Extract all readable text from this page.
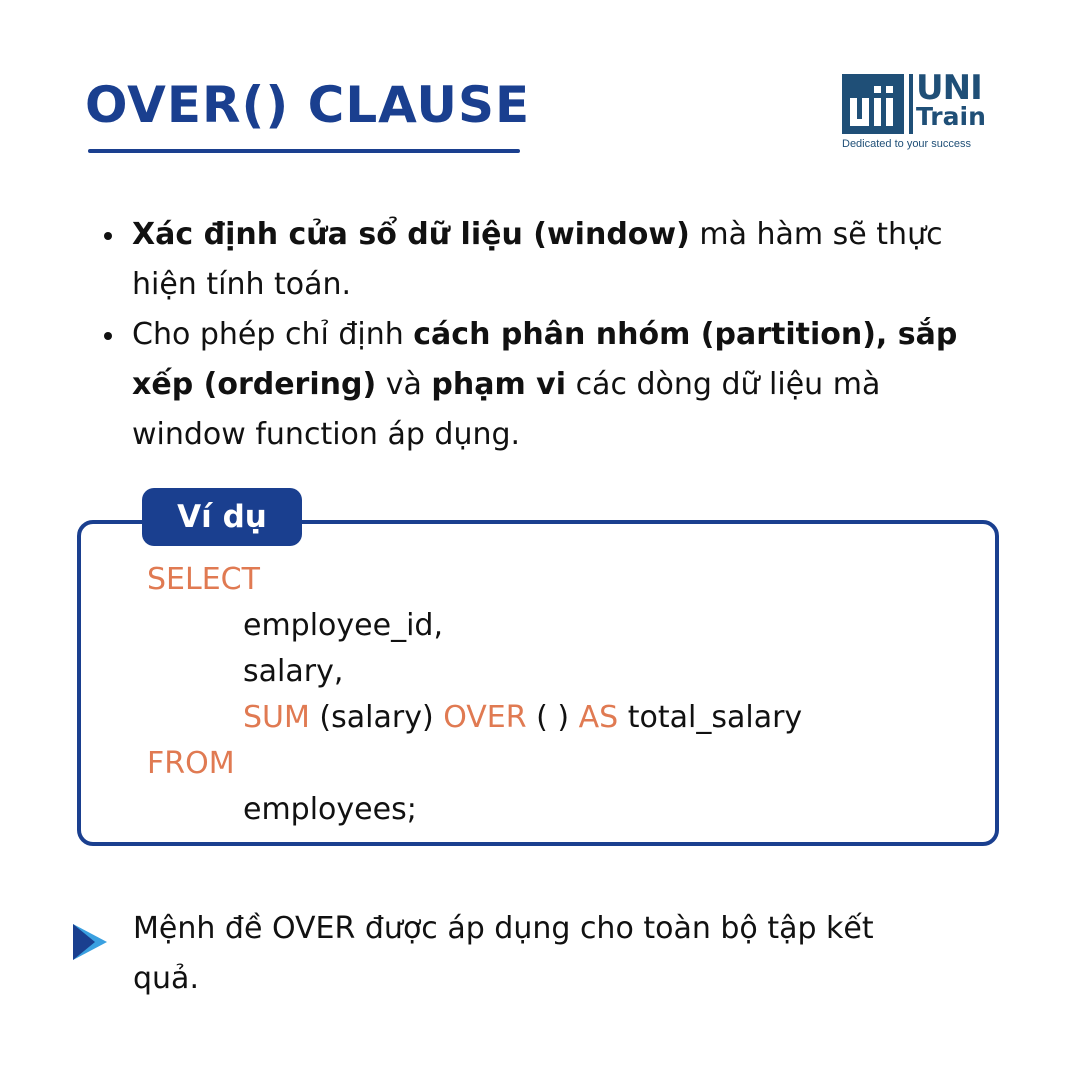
OVER() CLAUSE	UNI
Train
Dedicated to your success
Xác định cửa sổ dữ liệu (window) mà hàm sẽ thực hiện tính toán.
Cho phép chỉ định cách phân nhóm (partition), sắp xếp (ordering) và phạm vi các dòng dữ liệu mà window function áp dụng.
Ví dụ
SELECT
employee_id,
salary,
SUM (salary) OVER ( ) AS total_salary
FROM
employees;

Mệnh đề OVER được áp dụng cho toàn bộ tập kết quả.
